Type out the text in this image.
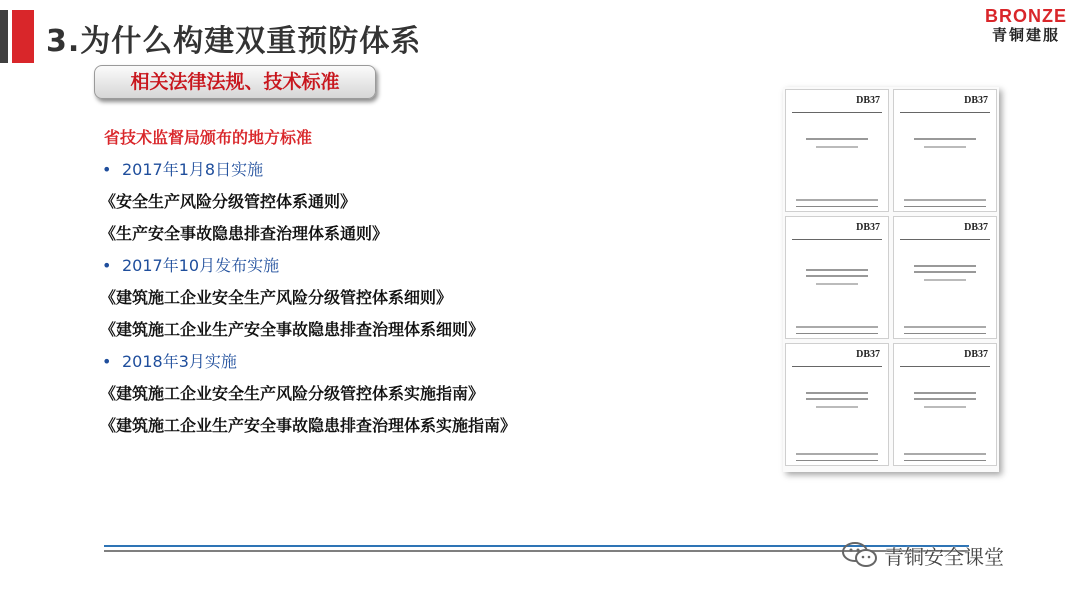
3.为什么构建双重预防体系
BRONZE
青铜建服
相关法律法规、技术标准
省技术监督局颁布的地方标准
• 2017年1月8日实施
《安全生产风险分级管控体系通则》
《生产安全事故隐患排查治理体系通则》
• 2017年10月发布实施
《建筑施工企业安全生产风险分级管控体系细则》
《建筑施工企业生产安全事故隐患排查治理体系细则》
• 2018年3月实施
《建筑施工企业安全生产风险分级管控体系实施指南》
《建筑施工企业生产安全事故隐患排查治理体系实施指南》
DB37	DB37
DB37	DB37
DB37	DB37
青铜安全课堂
